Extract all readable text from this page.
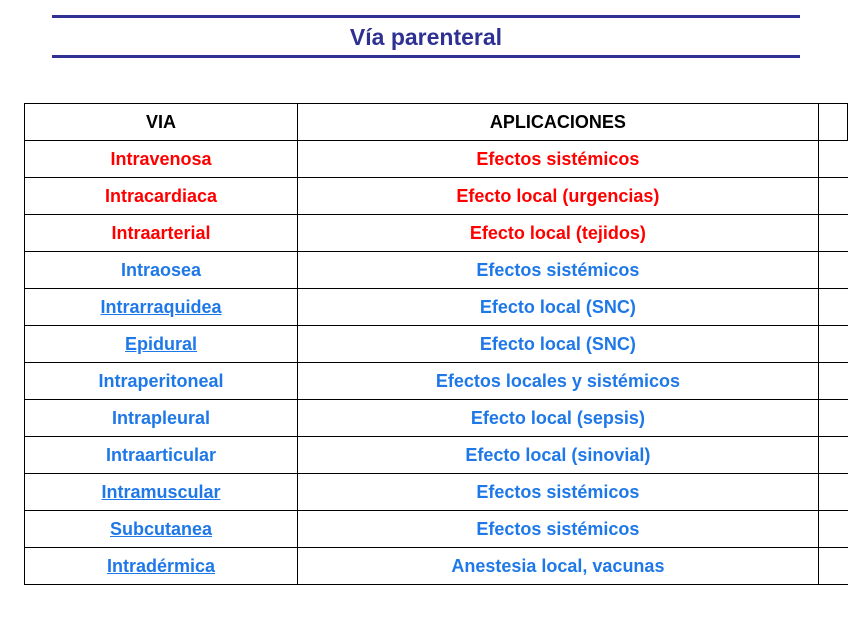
Vía parenteral
VIA	APLICACIONES	
Intravenosa	Efectos sistémicos	
Intracardiaca	Efecto local (urgencias)	
Intraarterial	Efecto local (tejidos)	
Intraosea	Efectos sistémicos	
Intrarraquidea	Efecto local (SNC)	
Epidural	Efecto local (SNC)	
Intraperitoneal	Efectos locales y sistémicos	
Intrapleural	Efecto local (sepsis)	
Intraarticular	Efecto local (sinovial)	
Intramuscular	Efectos sistémicos	
Subcutanea	Efectos sistémicos	
Intradérmica	Anestesia local, vacunas	
